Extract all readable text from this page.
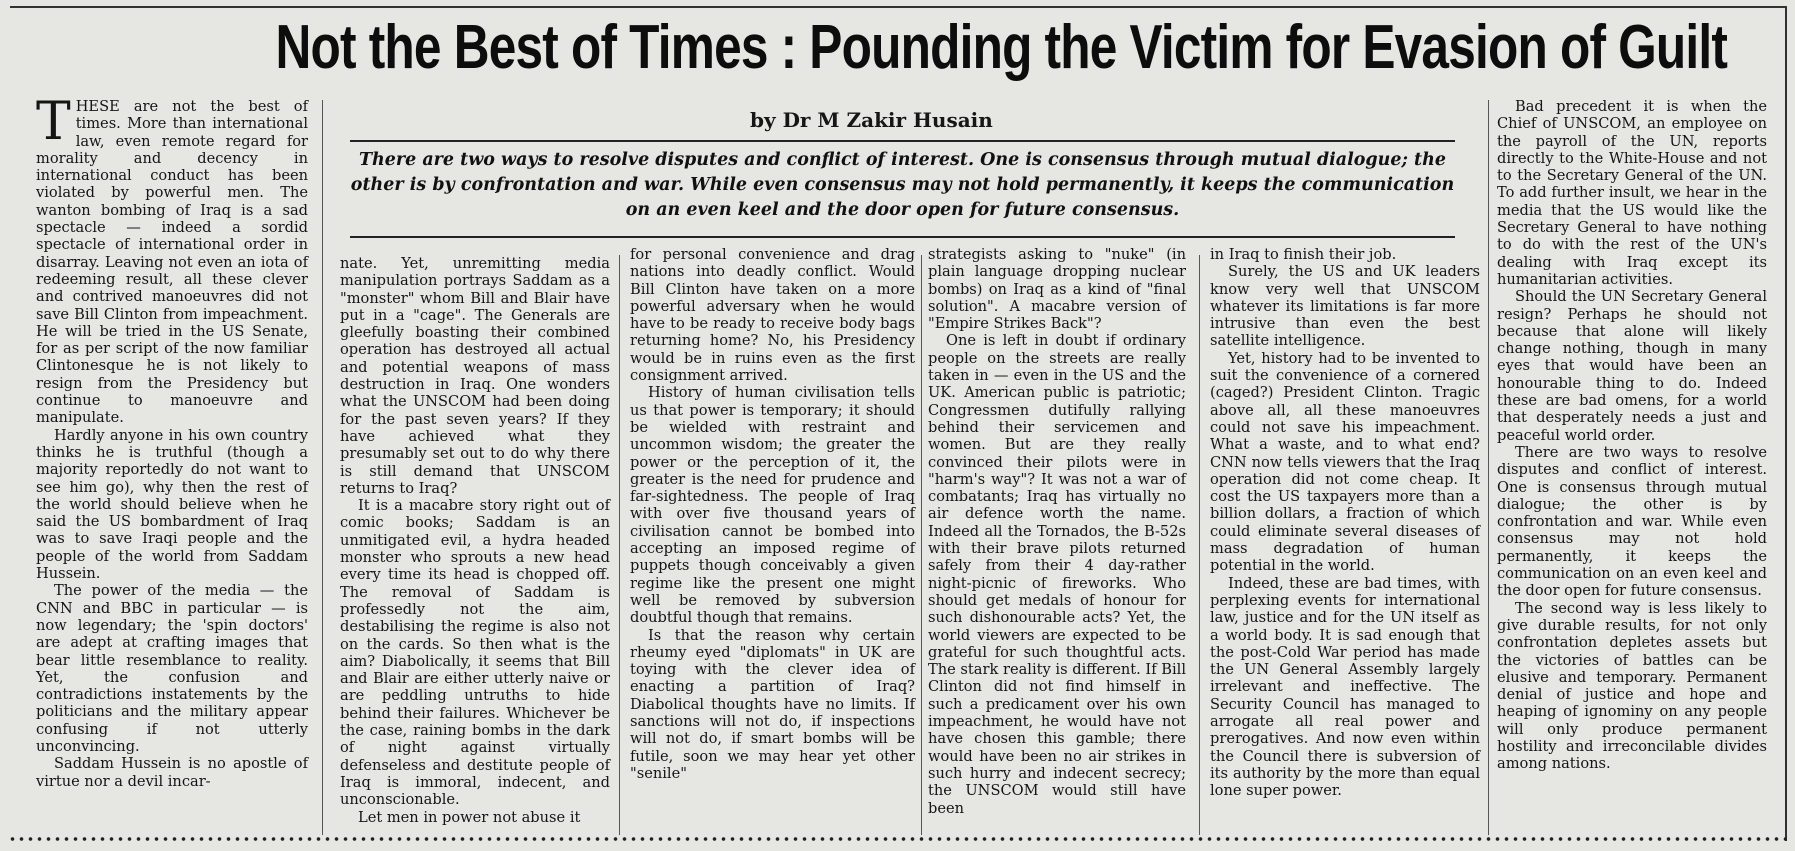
Not the Best of Times : Pounding the Victim for Evasion of Guilt
by Dr M Zakir Husain
There are two ways to resolve disputes and conflict of interest. One is consensus through mutual dialogue; the other is by confrontation and war. While even consensus may not hold permanently, it keeps the communication on an even keel and the door open for future consensus.

THESE are not the best of times. More than international law, even remote regard for morality and decency in international conduct has been violated by powerful men. The wanton bombing of Iraq is a sad spectacle — indeed a sordid spectacle of international order in disarray. Leaving not even an iota of redeeming result, all these clever and contrived manoeuvres did not save Bill Clinton from impeachment. He will be tried in the US Senate, for as per script of the now familiar Clintonesque he is not likely to resign from the Presidency but continue to manoeuvre and manipulate.

Hardly anyone in his own country thinks he is truthful (though a majority reportedly do not want to see him go), why then the rest of the world should believe when he said the US bombardment of Iraq was to save Iraqi people and the people of the world from Saddam Hussein.

The power of the media — the CNN and BBC in particular — is now legendary; the 'spin doctors' are adept at crafting images that bear little resemblance to reality. Yet, the confusion and contradictions instatements by the politicians and the military appear confusing if not utterly unconvincing.

Saddam Hussein is no apostle of virtue nor a devil incar-

nate. Yet, unremitting media manipulation portrays Saddam as a "monster" whom Bill and Blair have put in a "cage". The Generals are gleefully boasting their combined operation has destroyed all actual and potential weapons of mass destruction in Iraq. One wonders what the UNSCOM had been doing for the past seven years? If they have achieved what they presumably set out to do why there is still demand that UNSCOM returns to Iraq?

It is a macabre story right out of comic books; Saddam is an unmitigated evil, a hydra headed monster who sprouts a new head every time its head is chopped off. The removal of Saddam is professedly not the aim, destabilising the regime is also not on the cards. So then what is the aim? Diabolically, it seems that Bill and Blair are either utterly naive or are peddling untruths to hide behind their failures. Whichever be the case, raining bombs in the dark of night against virtually defenseless and destitute people of Iraq is immoral, indecent, and unconscionable.

Let men in power not abuse it

for personal convenience and drag nations into deadly conflict. Would Bill Clinton have taken on a more powerful adversary when he would have to be ready to receive body bags returning home? No, his Presidency would be in ruins even as the first consignment arrived.

History of human civilisation tells us that power is temporary; it should be wielded with restraint and uncommon wisdom; the greater the power or the perception of it, the greater is the need for prudence and far-sightedness. The people of Iraq with over five thousand years of civilisation cannot be bombed into accepting an imposed regime of puppets though conceivably a given regime like the present one might well be removed by subversion doubtful though that remains.

Is that the reason why certain rheumy eyed "diplomats" in UK are toying with the clever idea of enacting a partition of Iraq? Diabolical thoughts have no limits. If sanctions will not do, if inspections will not do, if smart bombs will be futile, soon we may hear yet other "senile"

strategists asking to "nuke" (in plain language dropping nuclear bombs) on Iraq as a kind of "final solution". A macabre version of "Empire Strikes Back"?

One is left in doubt if ordinary people on the streets are really taken in — even in the US and the UK. American public is patriotic; Congressmen dutifully rallying behind their servicemen and women. But are they really convinced their pilots were in "harm's way"? It was not a war of combatants; Iraq has virtually no air defence worth the name. Indeed all the Tornados, the B-52s with their brave pilots returned safely from their 4 day-rather night-picnic of fireworks. Who should get medals of honour for such dishonourable acts? Yet, the world viewers are expected to be grateful for such thoughtful acts. The stark reality is different. If Bill Clinton did not find himself in such a predicament over his own impeachment, he would have not have chosen this gamble; there would have been no air strikes in such hurry and indecent secrecy; the UNSCOM would still have been

in Iraq to finish their job.

Surely, the US and UK leaders know very well that UNSCOM whatever its limitations is far more intrusive than even the best satellite intelligence.

Yet, history had to be invented to suit the convenience of a cornered (caged?) President Clinton. Tragic above all, all these manoeuvres could not save his impeachment. What a waste, and to what end? CNN now tells viewers that the Iraq operation did not come cheap. It cost the US taxpayers more than a billion dollars, a fraction of which could eliminate several diseases of mass degradation of human potential in the world.

Indeed, these are bad times, with perplexing events for international law, justice and for the UN itself as a world body. It is sad enough that the post-Cold War period has made the UN General Assembly largely irrelevant and ineffective. The Security Council has managed to arrogate all real power and prerogatives. And now even within the Council there is subversion of its authority by the more than equal lone super power.

Bad precedent it is when the Chief of UNSCOM, an employee on the payroll of the UN, reports directly to the White-House and not to the Secretary General of the UN. To add further insult, we hear in the media that the US would like the Secretary General to have nothing to do with the rest of the UN's dealing with Iraq except its humanitarian activities.

Should the UN Secretary General resign? Perhaps he should not because that alone will likely change nothing, though in many eyes that would have been an honourable thing to do. Indeed these are bad omens, for a world that desperately needs a just and peaceful world order.

There are two ways to resolve disputes and conflict of interest. One is consensus through mutual dialogue; the other is by confrontation and war. While even consensus may not hold permanently, it keeps the communication on an even keel and the door open for future consensus.

The second way is less likely to give durable results, for not only confrontation depletes assets but the victories of battles can be elusive and temporary. Permanent denial of justice and hope and heaping of ignominy on any people will only produce permanent hostility and irreconcilable divides among nations.
